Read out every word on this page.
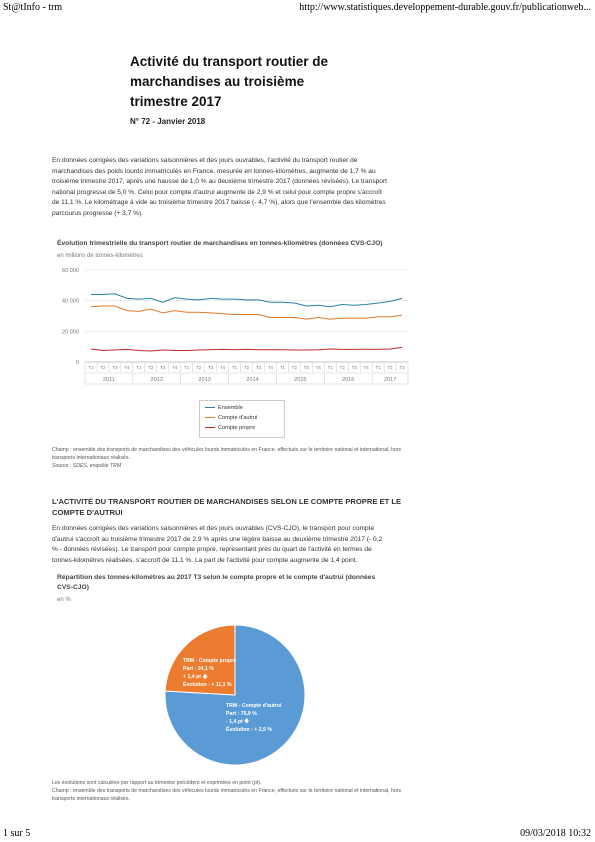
St@tInfo - trm	http://www.statistiques.developpement-durable.gouv.fr/publicationweb...
1 sur 5	09/03/2018 10:32
Activité du transport routier de
marchandises au troisième
trimestre 2017
N° 72 - Janvier 2018
En données corrigées des variations saisonnières et des jours ouvrables, l'activité du transport routier de
marchandises des poids lourds immatriculés en France, mesurée en tonnes-kilomètres, augmente de 1,7 % au
troisième trimestre 2017, après une hausse de 1,0 % au deuxième trimestre 2017 (données révisées). Le transport
national progresse de 5,0 %. Celui pour compte d'autrui augmente de 2,9 % et celui pour compte propre s'accroît
de 11,1 %. Le kilométrage à vide au troisième trimestre 2017 baisse (- 4,7 %), alors que l'ensemble des kilomètres
parcourus progresse (+ 3,7 %).
Évolution trimestrielle du transport routier de marchandises en tonnes-kilomètres (données CVS-CJO)
en millions de tonnes-kilomètres
0
20 000
40 000
60 000
T1 T2 T3 T4 T1 T2 T3 T4 T1 T2 T3 T4 T1 T2 T3 T4 T1 T2 T3 T4 T1 T2 T3 T4 T1 T2 T3
2011	2012	2013	2014	2015	2016	2017
Ensemble
Compte d'autrui
Compte propre
Champ : ensemble des transports de marchandises des véhicules lourds immatriculés en France, effectués sur le territoire national et international, hors
transports internationaux réalisés.
Source : SDES, enquête TRM
L'ACTIVITÉ DU TRANSPORT ROUTIER DE MARCHANDISES SELON LE COMPTE PROPRE ET LE
COMPTE D'AUTRUI
En données corrigées des variations saisonnières et des jours ouvrables (CVS-CJO), le transport pour compte
d'autrui s'accroît au troisième trimestre 2017 de 2,9 % après une légère baisse au deuxième trimestre 2017 (- 0,2
% - données révisées). Le transport pour compte propre, représentant près du quart de l'activité en termes de
tonnes-kilomètres réalisées, s'accroît de 11,1 %. La part de l'activité pour compte augmente de 1,4 point.
Répartition des tonnes-kilomètres au 2017 T3 selon le compte propre et le compte d'autrui (données
CVS-CJO)
en %
TRM - Compte propre
Part : 24,1 %
+ 1,4 pt 🡅
Évolution : + 11,1 %
TRM - Compte d'autrui
Part : 75,9 %
- 1,4 pt 🡇
Évolution : + 2,9 %
Les évolutions sont calculées par rapport au trimestre précédent et exprimées en point (pt).
Champ : ensemble des transports de marchandises des véhicules lourds immatriculés en France, effectués sur le territoire national et international, hors
transports internationaux réalisés.
